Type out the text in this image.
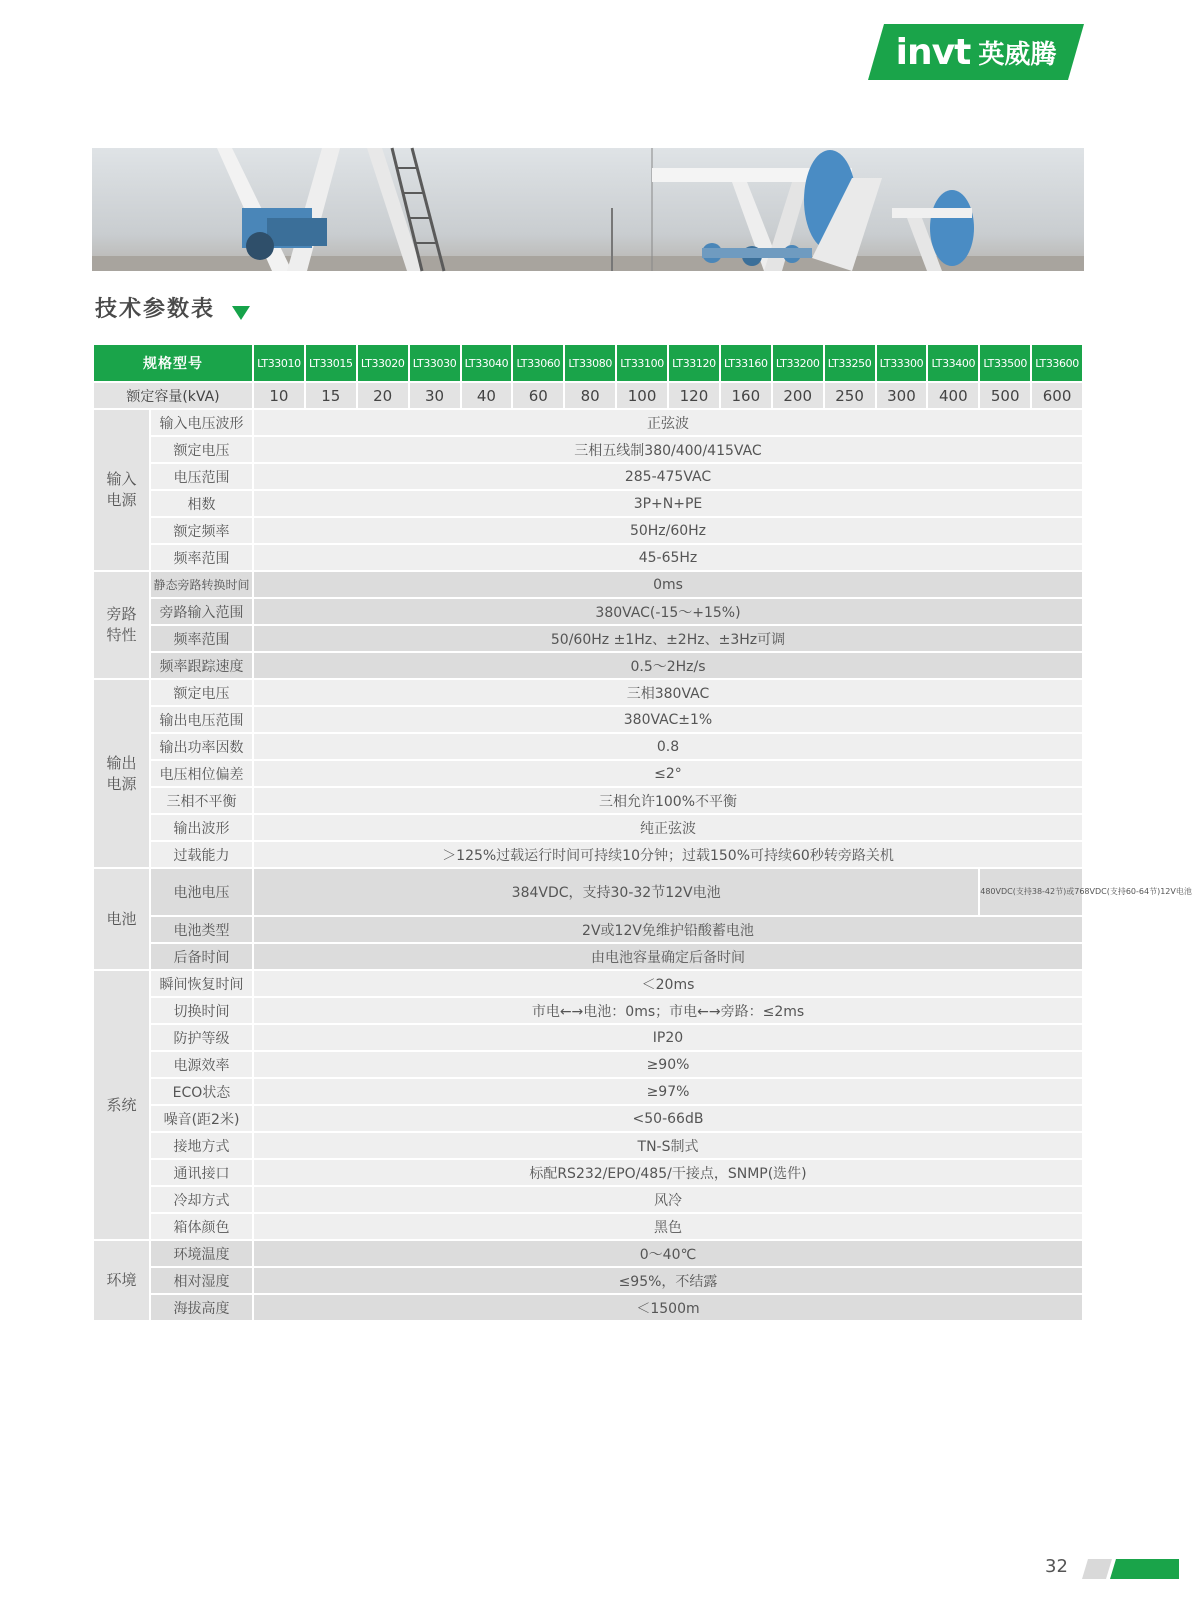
invt 英威腾
技术参数表
规格型号		LT33010	LT33015	LT33020	LT33030	LT33040	LT33060	LT33080	LT33100	LT33120	LT33160	LT33200	LT33250	LT33300	LT33400	LT33500	LT33600
额定容量(kVA)		10	15	20	30	40	60	80	100	120	160	200	250	300	400	500	600
输入电源	输入电压波形	正弦波															
	额定电压	三相五线制380/400/415VAC															
	电压范围	285-475VAC															
	相数	3P+N+PE															
	额定频率	50Hz/60Hz															
	频率范围	45-65Hz															
旁路特性	静态旁路转换时间	0ms															
	旁路输入范围	380VAC(-15～+15%)															
	频率范围	50/60Hz ±1Hz、±2Hz、±3Hz可调															
	频率跟踪速度	0.5～2Hz/s															
输出电源	额定电压	三相380VAC															
	输出电压范围	380VAC±1%															
	输出功率因数	0.8															
	电压相位偏差	≤2°															
	三相不平衡	三相允许100%不平衡															
	输出波形	纯正弦波															
	过载能力	＞125%过载运行时间可持续10分钟；过载150%可持续60秒转旁路关机															
电池	电池电压	384VDC，支持30-32节12V电池														480VDC(支持38-42节)或768VDC(支持60-64节)12V电池	
	电池类型	2V或12V免维护铅酸蓄电池															
	后备时间	由电池容量确定后备时间															
系统	瞬间恢复时间	＜20ms															
	切换时间	市电←→电池：0ms；市电←→旁路：≤2ms															
	防护等级	IP20															
	电源效率	≥90%															
	ECO状态	≥97%															
	噪音(距2米)	<50-66dB															
	接地方式	TN-S制式															
	通讯接口	标配RS232/EPO/485/干接点，SNMP(选件)															
	冷却方式	风冷															
	箱体颜色	黑色															
环境	环境温度	0～40℃															
	相对湿度	≤95%，不结露															
	海拔高度	＜1500m															
32
